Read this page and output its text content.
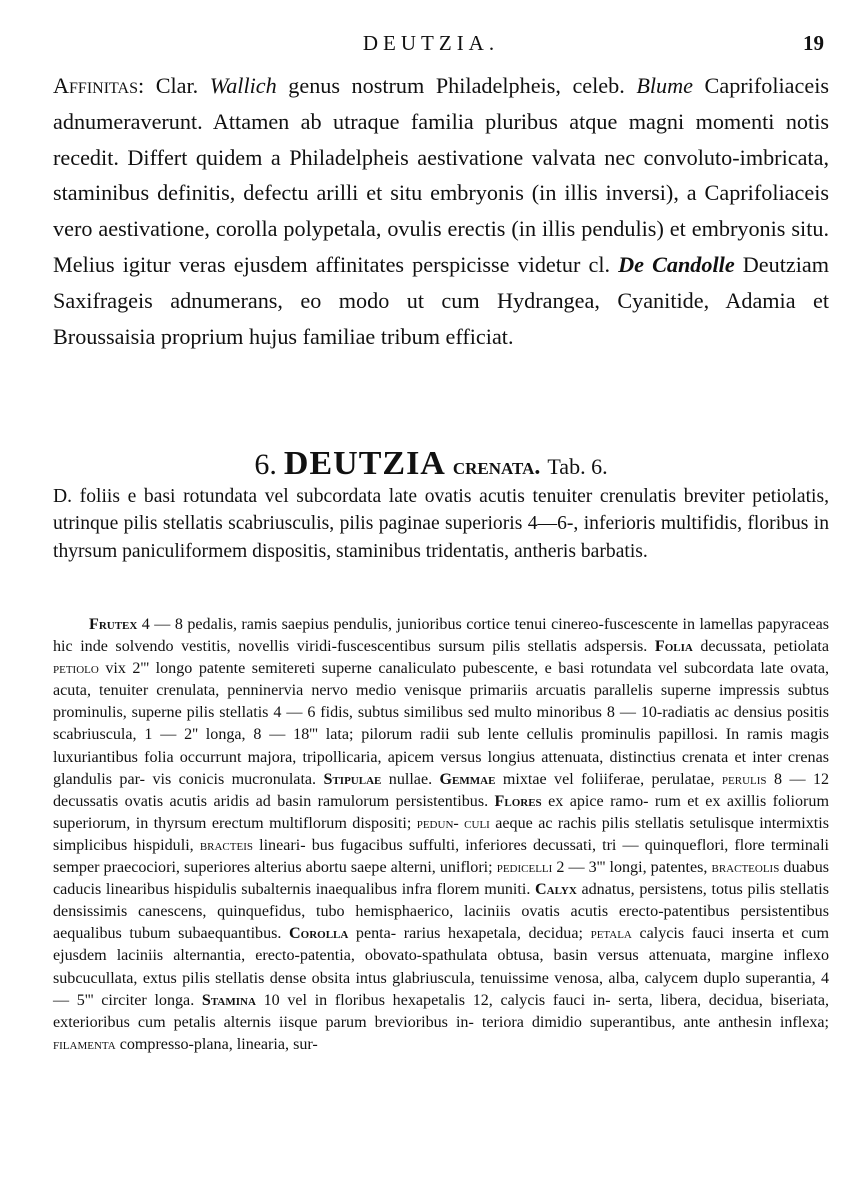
DEUTZIA.	19

Affinitas: Clar. Wallich genus nostrum Philadelpheis, celeb. Blume Caprifoliaceis adnumeraverunt. Attamen ab utraque familia pluribus atque magni momenti notis recedit. Differt quidem a Philadelpheis aestivatione valvata nec convoluto-imbricata, staminibus definitis, defectu arilli et situ embryonis (in illis inversi), a Caprifoliaceis vero aestivatione, corolla polypetala, ovulis erectis (in illis pendulis) et embryonis situ. Melius igitur veras ejusdem affinitates perspicisse videtur cl. De Candolle Deutziam Saxifrageis adnumerans, eo modo ut cum Hydrangea, Cyanitide, Adamia et Broussaisia proprium hujus familiae tribum efficiat.

6. DEUTZIA crenata. Tab. 6.

D. foliis e basi rotundata vel subcordata late ovatis acutis tenuiter crenulatis breviter petiolatis, utrinque pilis stellatis scabriusculis, pilis paginae superioris 4—6-, inferioris multifidis, floribus in thyrsum paniculiformem dispositis, staminibus tridentatis, antheris barbatis.

Frutex 4 — 8 pedalis, ramis saepius pendulis, junioribus cortice tenui cinereo-fuscescente in lamellas papyraceas hic inde solvendo vestitis, novellis viridi-fuscescentibus sursum pilis stellatis adspersis. Folia decussata, petiolata petiolo vix 2''' longo patente semitereti superne canaliculato pubescente, e basi rotundata vel subcordata late ovata, acuta, tenuiter crenulata, penninervia nervo medio venisque primariis arcuatis parallelis superne impressis subtus prominulis, superne pilis stellatis 4 — 6 fidis, subtus similibus sed multo minoribus 8 — 10-radiatis ac densius positis scabriuscula, 1 — 2'' longa, 8 — 18''' lata; pilorum radii sub lente cellulis prominulis papillosi. In ramis magis luxuriantibus folia occurrunt majora, tripollicaria, apicem versus longius attenuata, distinctius crenata et inter crenas glandulis par- vis conicis mucronulata. Stipulae nullae. Gemmae mixtae vel foliiferae, perulatae, perulis 8 — 12 decussatis ovatis acutis aridis ad basin ramulorum persistentibus. Flores ex apice ramo- rum et ex axillis foliorum superiorum, in thyrsum erectum multiflorum dispositi; pedun- culi aeque ac rachis pilis stellatis setulisque intermixtis simplicibus hispiduli, bracteis lineari- bus fugacibus suffulti, inferiores decussati, tri — quinqueflori, flore terminali semper praecociori, superiores alterius abortu saepe alterni, uniflori; pedicelli 2 — 3''' longi, patentes, bracteolis duabus caducis linearibus hispidulis subalternis inaequalibus infra florem muniti. Calyx adnatus, persistens, totus pilis stellatis densissimis canescens, quinquefidus, tubo hemisphaerico, laciniis ovatis acutis erecto-patentibus persistentibus aequalibus tubum subaequantibus. Corolla penta- rarius hexapetala, decidua; petala calycis fauci inserta et cum ejusdem laciniis alternantia, erecto-patentia, obovato-spathulata obtusa, basin versus attenuata, margine inflexo subcucullata, extus pilis stellatis dense obsita intus glabriuscula, tenuissime venosa, alba, calycem duplo superantia, 4 — 5''' circiter longa. Stamina 10 vel in floribus hexapetalis 12, calycis fauci in- serta, libera, decidua, biseriata, exterioribus cum petalis alternis iisque parum brevioribus in- teriora dimidio superantibus, ante anthesin inflexa; filamenta compresso-plana, linearia, sur-
